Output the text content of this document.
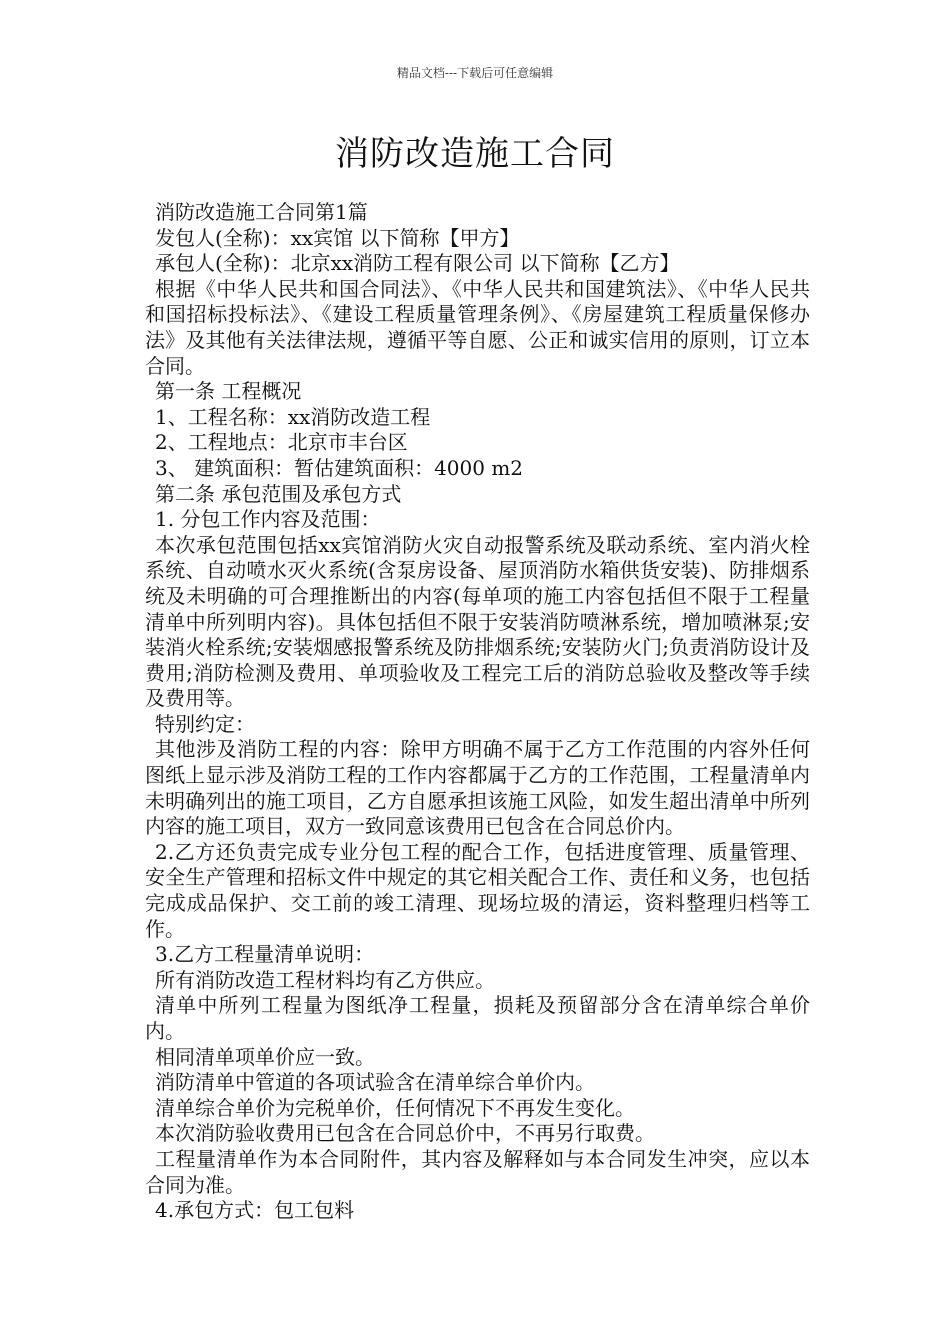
精品文档---下载后可任意编辑
消防改造施工合同

消防改造施工合同第1篇

发包人(全称)：xx宾馆 以下简称【甲方】

承包人(全称)：北京xx消防工程有限公司 以下简称【乙方】

根据《中华人民共和国合同法》、《中华人民共和国建筑法》、《中华人民共和国招标投标法》、《建设工程质量管理条例》、《房屋建筑工程质量保修办法》及其他有关法律法规，遵循平等自愿、公正和诚实信用的原则，订立本合同。

第一条 工程概况

1、工程名称：xx消防改造工程

2、工程地点：北京市丰台区

3、 建筑面积：暂估建筑面积：4000 m2

第二条 承包范围及承包方式

1. 分包工作内容及范围：

本次承包范围包括xx宾馆消防火灾自动报警系统及联动系统、室内消火栓系统、自动喷水灭火系统(含泵房设备、屋顶消防水箱供货安装)、防排烟系统及未明确的可合理推断出的内容(每单项的施工内容包括但不限于工程量清单中所列明内容)。具体包括但不限于安装消防喷淋系统，增加喷淋泵;安装消火栓系统;安装烟感报警系统及防排烟系统;安装防火门;负责消防设计及费用;消防检测及费用、单项验收及工程完工后的消防总验收及整改等手续及费用等。

特别约定：

其他涉及消防工程的内容：除甲方明确不属于乙方工作范围的内容外任何图纸上显示涉及消防工程的工作内容都属于乙方的工作范围，工程量清单内未明确列出的施工项目，乙方自愿承担该施工风险，如发生超出清单中所列内容的施工项目，双方一致同意该费用已包含在合同总价内。

2.乙方还负责完成专业分包工程的配合工作，包括进度管理、质量管理、安全生产管理和招标文件中规定的其它相关配合工作、责任和义务，也包括完成成品保护、交工前的竣工清理、现场垃圾的清运，资料整理归档等工作。

3.乙方工程量清单说明：

所有消防改造工程材料均有乙方供应。

清单中所列工程量为图纸净工程量，损耗及预留部分含在清单综合单价内。

相同清单项单价应一致。

消防清单中管道的各项试验含在清单综合单价内。

清单综合单价为完税单价，任何情况下不再发生变化。

本次消防验收费用已包含在合同总价中，不再另行取费。

工程量清单作为本合同附件，其内容及解释如与本合同发生冲突，应以本合同为准。

4.承包方式：包工包料
